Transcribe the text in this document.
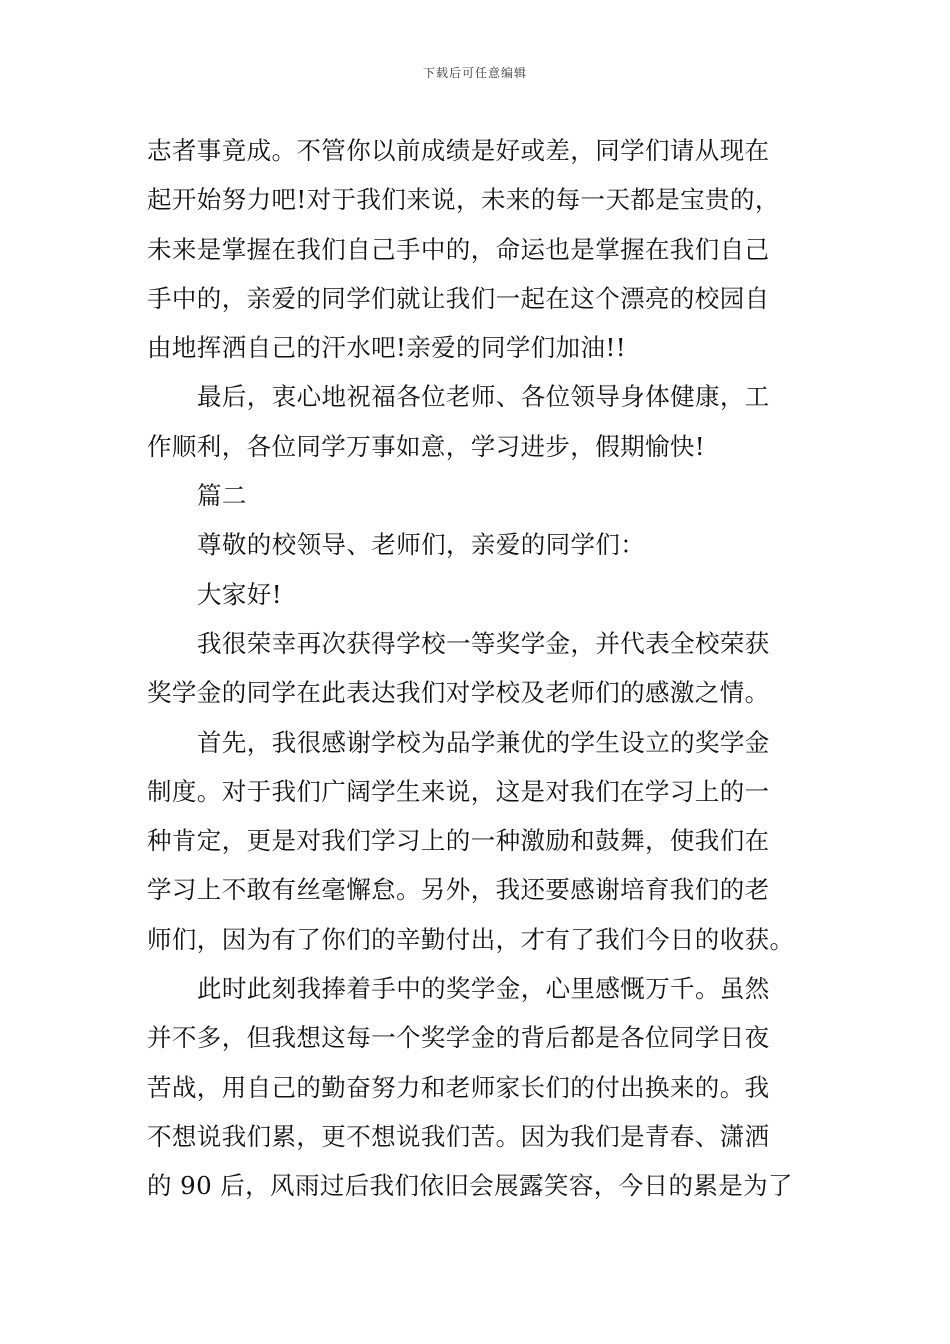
下载后可任意编辑
志者事竟成。不管你以前成绩是好或差，同学们请从现在
起开始努力吧!对于我们来说，未来的每一天都是宝贵的，
未来是掌握在我们自己手中的，命运也是掌握在我们自己
手中的，亲爱的同学们就让我们一起在这个漂亮的校园自
由地挥洒自己的汗水吧!亲爱的同学们加油!!
最后，衷心地祝福各位老师、各位领导身体健康，工
作顺利，各位同学万事如意，学习进步，假期愉快!
篇二
尊敬的校领导、老师们，亲爱的同学们：
大家好!
我很荣幸再次获得学校一等奖学金，并代表全校荣获
奖学金的同学在此表达我们对学校及老师们的感激之情。
首先，我很感谢学校为品学兼优的学生设立的奖学金
制度。对于我们广阔学生来说，这是对我们在学习上的一
种肯定，更是对我们学习上的一种激励和鼓舞，使我们在
学习上不敢有丝毫懈怠。另外，我还要感谢培育我们的老
师们，因为有了你们的辛勤付出，才有了我们今日的收获。
此时此刻我捧着手中的奖学金，心里感慨万千。虽然
并不多，但我想这每一个奖学金的背后都是各位同学日夜
苦战，用自己的勤奋努力和老师家长们的付出换来的。我
不想说我们累，更不想说我们苦。因为我们是青春、潇洒
的 90 后，风雨过后我们依旧会展露笑容，今日的累是为了
